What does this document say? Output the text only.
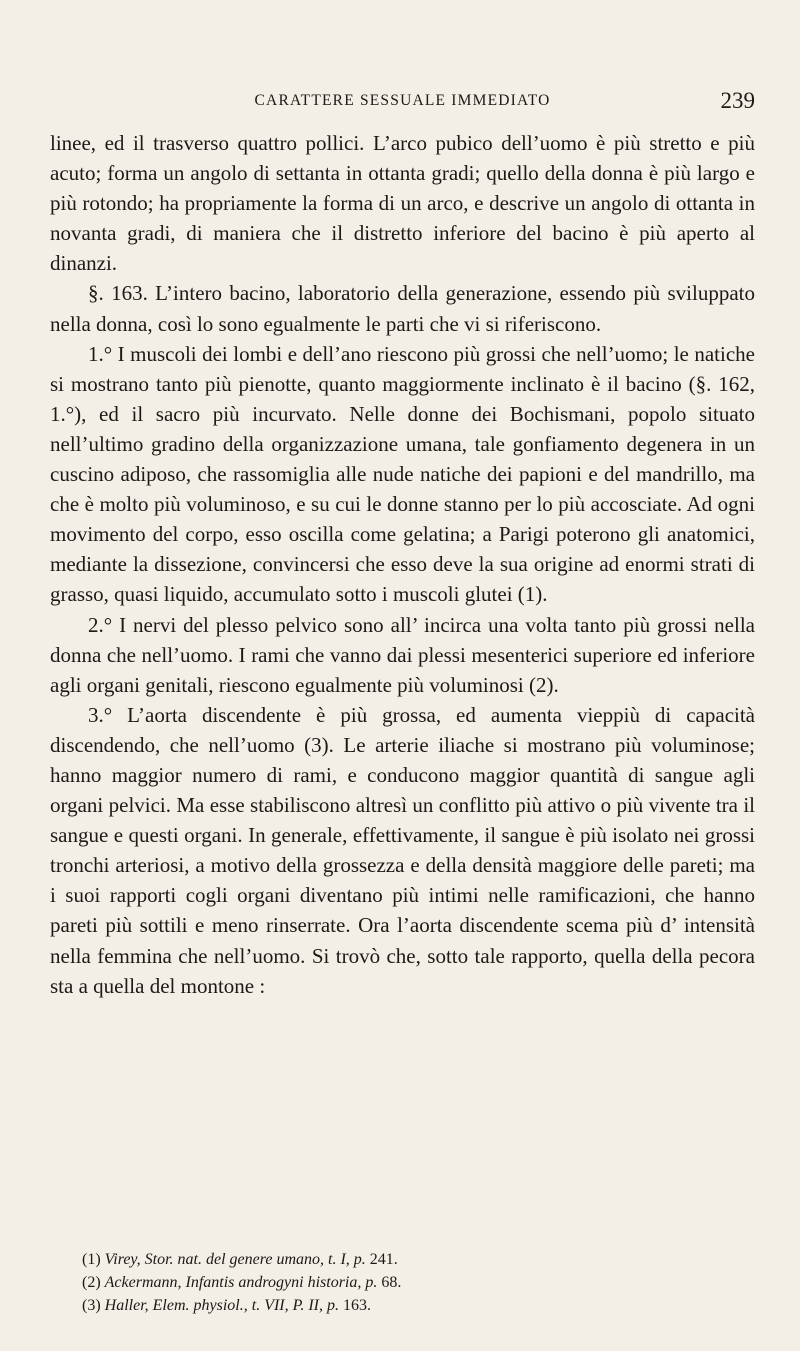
CARATTERE SESSUALE IMMEDIATO	239

linee, ed il trasverso quattro pollici. L’arco pubico dell’uomo è più stretto e più acuto; forma un angolo di settanta in ottanta gradi; quello della donna è più largo e più rotondo; ha propriamente la forma di un arco, e descrive un angolo di ottanta in novanta gradi, di maniera che il distretto inferiore del bacino è più aperto al dinanzi.

§. 163. L’intero bacino, laboratorio della generazione, essendo più sviluppato nella donna, così lo sono egualmente le parti che vi si riferiscono.

1.° I muscoli dei lombi e dell’ano riescono più grossi che nell’uomo; le natiche si mostrano tanto più pienotte, quanto maggiormente inclinato è il bacino (§. 162, 1.°), ed il sacro più incurvato. Nelle donne dei Bochismani, popolo situato nell’ultimo gradino della organizzazione umana, tale gonfiamento degenera in un cuscino adiposo, che rassomiglia alle nude natiche dei papioni e del mandrillo, ma che è molto più voluminoso, e su cui le donne stanno per lo più accosciate. Ad ogni movimento del corpo, esso oscilla come gelatina; a Parigi poterono gli anatomici, mediante la dissezione, convincersi che esso deve la sua origine ad enormi strati di grasso, quasi liquido, accumulato sotto i muscoli glutei (1).

2.° I nervi del plesso pelvico sono all’ incirca una volta tanto più grossi nella donna che nell’uomo. I rami che vanno dai plessi mesenterici superiore ed inferiore agli organi genitali, riescono egualmente più voluminosi (2).

3.° L’aorta discendente è più grossa, ed aumenta vieppiù di capacità discendendo, che nell’uomo (3). Le arterie iliache si mostrano più voluminose; hanno maggior numero di rami, e conducono maggior quantità di sangue agli organi pelvici. Ma esse stabiliscono altresì un conflitto più attivo o più vivente tra il sangue e questi organi. In generale, effettivamente, il sangue è più isolato nei grossi tronchi arteriosi, a motivo della grossezza e della densità maggiore delle pareti; ma i suoi rapporti cogli organi diventano più intimi nelle ramificazioni, che hanno pareti più sottili e meno rinserrate. Ora l’aorta discendente scema più d’ intensità nella femmina che nell’uomo. Si trovò che, sotto tale rapporto, quella della pecora sta a quella del montone :

(1) Virey, Stor. nat. del genere umano, t. I, p. 241.

(2) Ackermann, Infantis androgyni historia, p. 68.

(3) Haller, Elem. physiol., t. VII, P. II, p. 163.
